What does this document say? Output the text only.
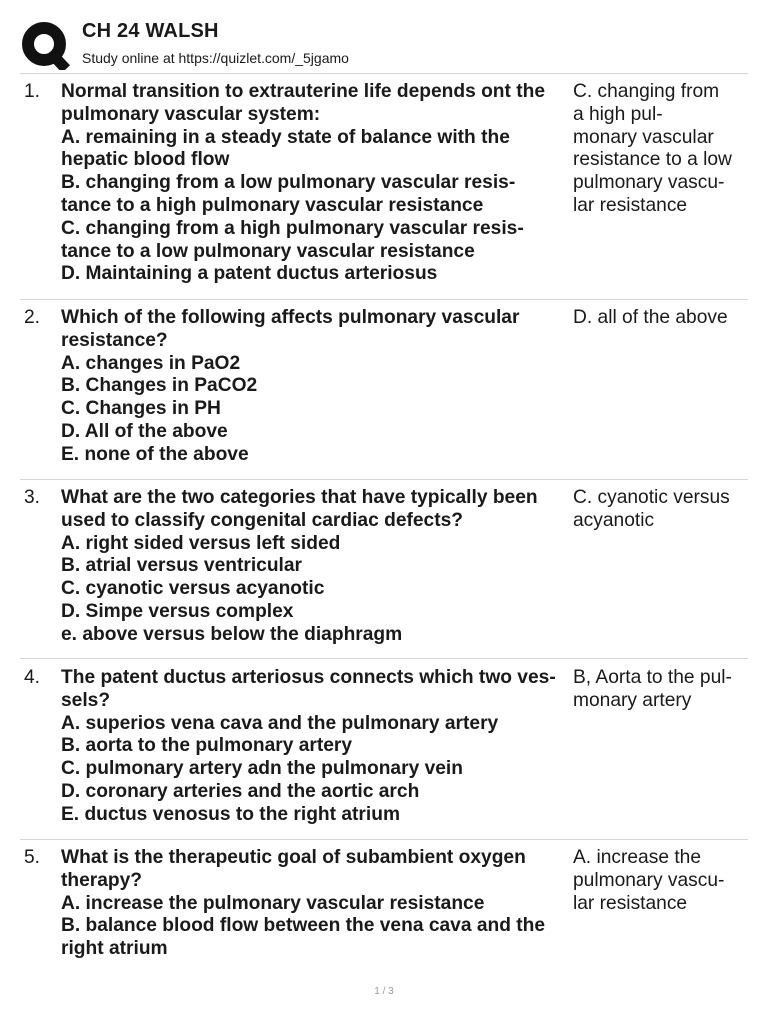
CH 24 WALSH
Study online at https://quizlet.com/_5jgamo
1. Normal transition to extrauterine life depends ont the
pulmonary vascular system:
A. remaining in a steady state of balance with the
hepatic blood flow
B. changing from a low pulmonary vascular resis-
tance to a high pulmonary vascular resistance
C. changing from a high pulmonary vascular resis-
tance to a low pulmonary vascular resistance
D. Maintaining a patent ductus arteriosus
C. changing from
a high pul-
monary vascular
resistance to a low
pulmonary vascu-
lar resistance
2. Which of the following affects pulmonary vascular
resistance?
A. changes in PaO2
B. Changes in PaCO2
C. Changes in PH
D. All of the above
E. none of the above
D. all of the above
3. What are the two categories that have typically been
used to classify congenital cardiac defects?
A. right sided versus left sided
B. atrial versus ventricular
C. cyanotic versus acyanotic
D. Simpe versus complex
e. above versus below the diaphragm
C. cyanotic versus
acyanotic
4. The patent ductus arteriosus connects which two ves-
sels?
A. superios vena cava and the pulmonary artery
B. aorta to the pulmonary artery
C. pulmonary artery adn the pulmonary vein
D. coronary arteries and the aortic arch
E. ductus venosus to the right atrium
B, Aorta to the pul-
monary artery
5. What is the therapeutic goal of subambient oxygen
therapy?
A. increase the pulmonary vascular resistance
B. balance blood flow between the vena cava and the
right atrium
A. increase the
pulmonary vascu-
lar resistance
1 / 3
